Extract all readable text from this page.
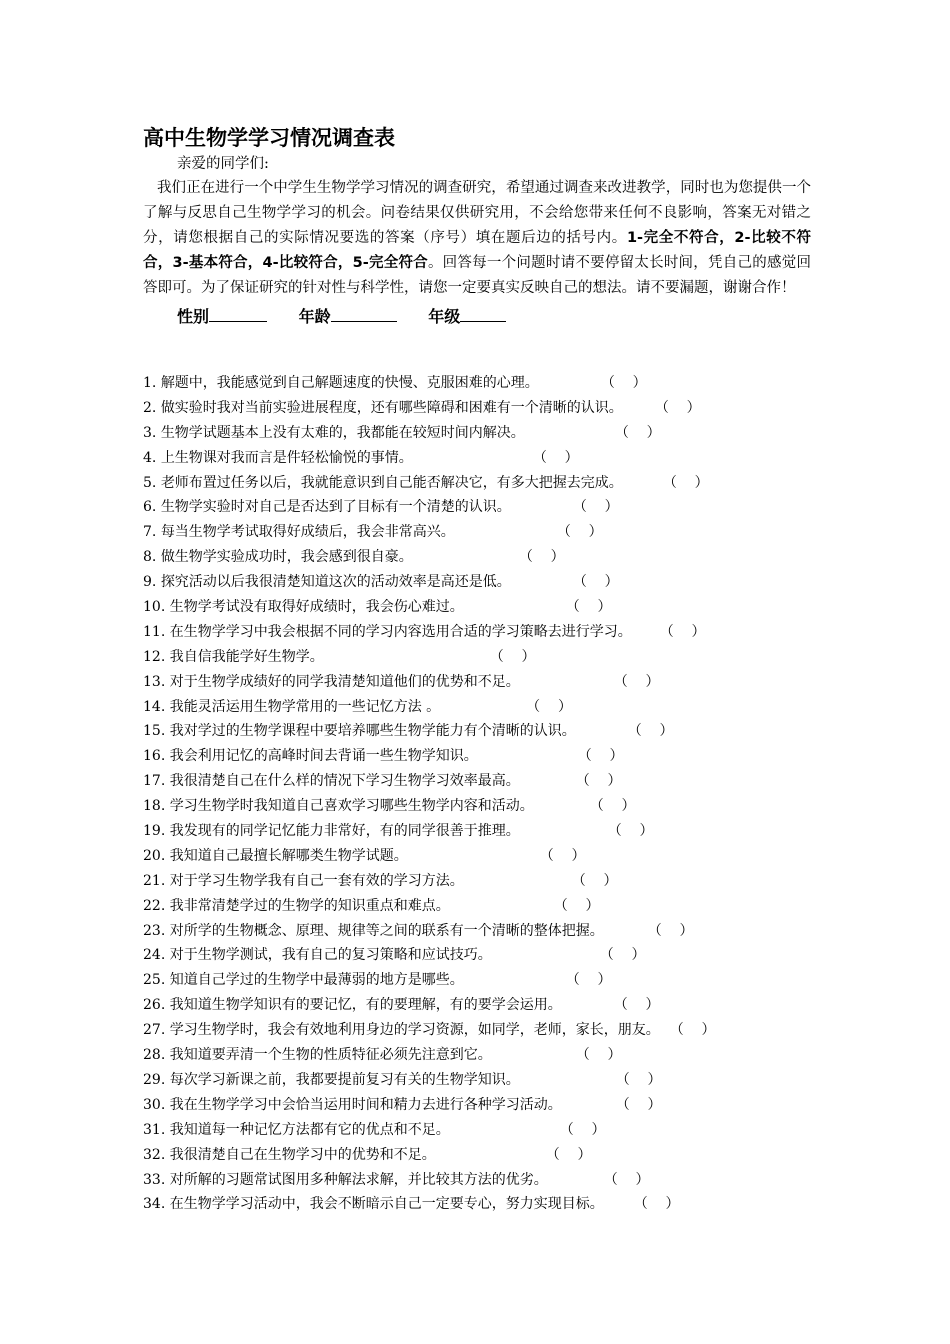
高中生物学学习情况调查表

亲爱的同学们:

我们正在进行一个中学生生物学学习情况的调查研究，希望通过调查来改进教学，同时也为您提供一个了解与反思自己生物学学习的机会。问卷结果仅供研究用，不会给您带来任何不良影响，答案无对错之分，请您根据自己的实际情况要选的答案（序号）填在题后边的括号内。1-完全不符合，2-比较不符合，3-基本符合，4-比较符合，5-完全符合。回答每一个问题时请不要停留太长时间，凭自己的感觉回答即可。为了保证研究的针对性与科学性，请您一定要真实反映自己的想法。请不要漏题，谢谢合作！

性别	年龄	年级
1. 解题中，我能感觉到自己解题速度的快慢、克服困难的心理。	（    ）
2. 做实验时我对当前实验进展程度，还有哪些障碍和困难有一个清晰的认识。 （    ）
3. 生物学试题基本上没有太难的，我都能在较短时间内解决。	（    ）
4. 上生物课对我而言是件轻松愉悦的事情。	（    ）
5. 老师布置过任务以后，我就能意识到自己能否解决它，有多大把握去完成。	（    ）
6. 生物学实验时对自己是否达到了目标有一个清楚的认识。	（    ）
7. 每当生物学考试取得好成绩后，我会非常高兴。	（    ）
8. 做生物学实验成功时，我会感到很自豪。	（    ）
9. 探究活动以后我很清楚知道这次的活动效率是高还是低。	（    ）
10. 生物学考试没有取得好成绩时，我会伤心难过。	（    ）
11. 在生物学学习中我会根据不同的学习内容选用合适的学习策略去进行学习。 （    ）
12. 我自信我能学好生物学。	（    ）
13. 对于生物学成绩好的同学我清楚知道他们的优势和不足。	（    ）
14. 我能灵活运用生物学常用的一些记忆方法 。	（    ）
15. 我对学过的生物学课程中要培养哪些生物学能力有个清晰的认识。	（    ）
16. 我会利用记忆的高峰时间去背诵一些生物学知识。	（    ）
17. 我很清楚自己在什么样的情况下学习生物学习效率最高。	（    ）
18. 学习生物学时我知道自己喜欢学习哪些生物学内容和活动。	（    ）
19. 我发现有的同学记忆能力非常好，有的同学很善于推理。	（    ）
20. 我知道自己最擅长解哪类生物学试题。	（    ）
21. 对于学习生物学我有自己一套有效的学习方法。	（    ）
22. 我非常清楚学过的生物学的知识重点和难点。	（    ）
23. 对所学的生物概念、原理、规律等之间的联系有一个清晰的整体把握。	（    ）
24. 对于生物学测试，我有自己的复习策略和应试技巧。	（    ）
25. 知道自己学过的生物学中最薄弱的地方是哪些。	（    ）
26. 我知道生物学知识有的要记忆，有的要理解，有的要学会运用。	（    ）
27. 学习生物学时，我会有效地利用身边的学习资源，如同学，老师，家长，朋友。 （    ）
28. 我知道要弄清一个生物的性质特征必须先注意到它。	（    ）
29. 每次学习新课之前，我都要提前复习有关的生物学知识。	（    ）
30. 我在生物学学习中会恰当运用时间和精力去进行各种学习活动。	（    ）
31. 我知道每一种记忆方法都有它的优点和不足。	（    ）
32. 我很清楚自己在生物学习中的优势和不足。	（    ）
33. 对所解的习题常试图用多种解法求解，并比较其方法的优劣。	（    ）
34. 在生物学学习活动中，我会不断暗示自己一定要专心，努力实现目标。 （    ）
